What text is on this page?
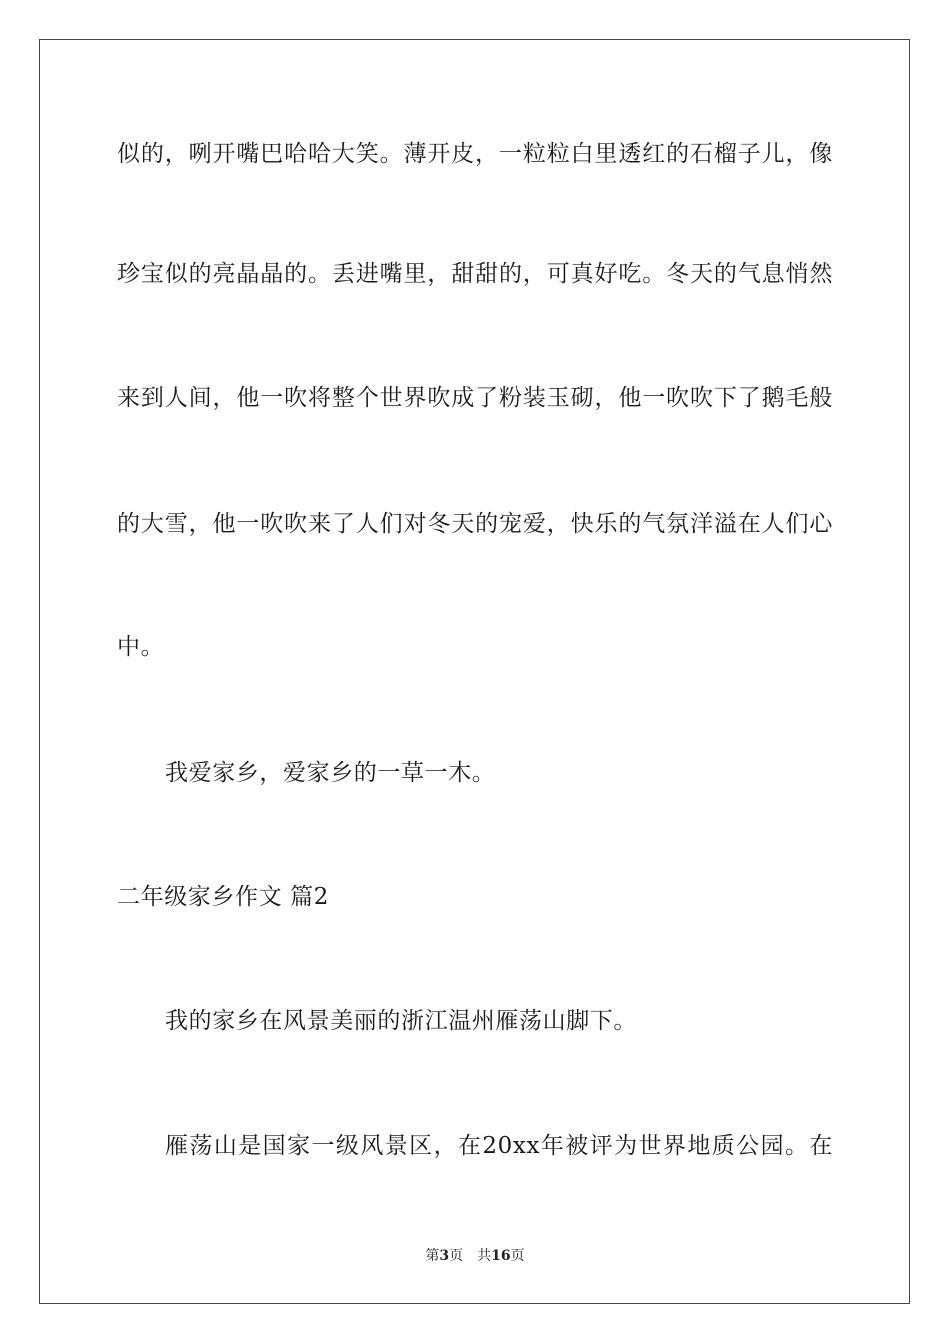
似的，咧开嘴巴哈哈大笑。薄开皮，一粒粒白里透红的石榴子儿，像
珍宝似的亮晶晶的。丢进嘴里，甜甜的，可真好吃。冬天的气息悄然
来到人间，他一吹将整个世界吹成了粉装玉砌，他一吹吹下了鹅毛般
的大雪，他一吹吹来了人们对冬天的宠爱，快乐的气氛洋溢在人们心
中。
我爱家乡，爱家乡的一草一木。
二年级家乡作文 篇2
我的家乡在风景美丽的浙江温州雁荡山脚下。
雁荡山是国家一级风景区，在20xx年被评为世界地质公园。在
第3页 共16页
